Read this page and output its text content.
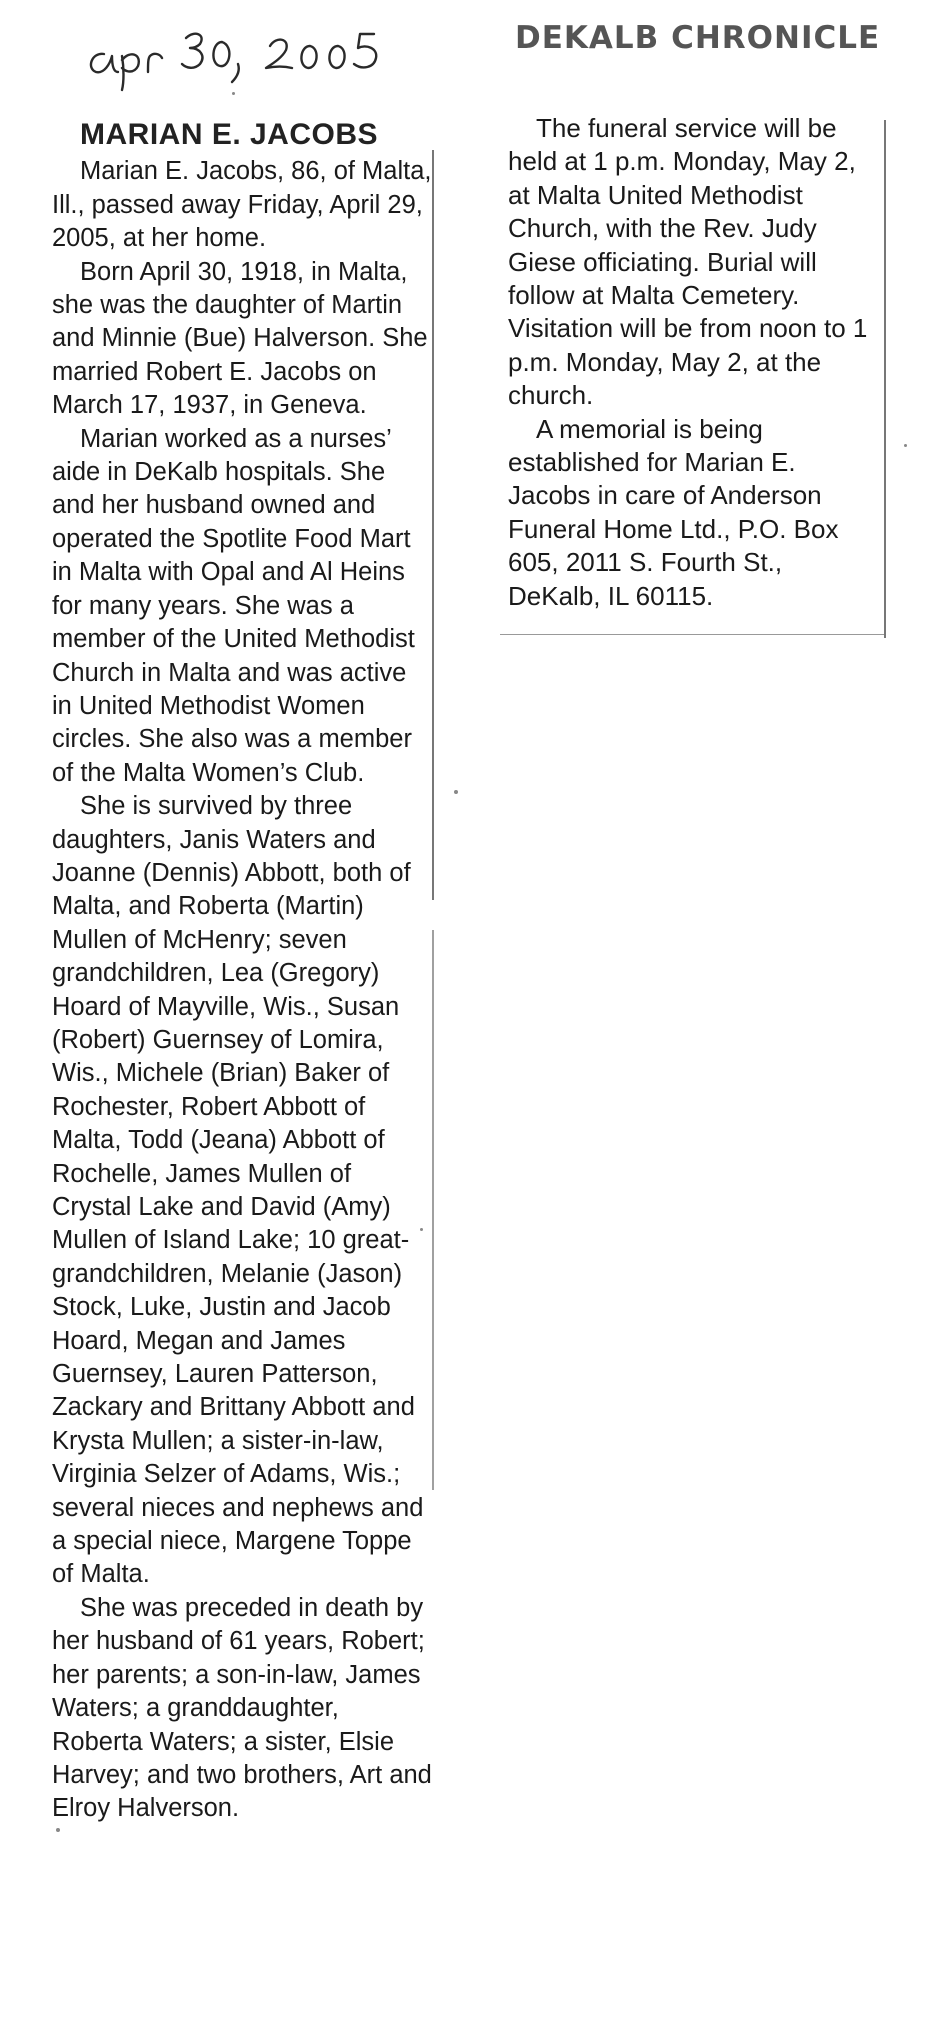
DEKALB CHRONICLE
MARIAN E. JACOBS

Marian E. Jacobs, 86, of Malta, Ill., passed away Friday, April 29, 2005, at her home.

Born April 30, 1918, in Malta, she was the daughter of Martin and Minnie (Bue) Halverson. She married Robert E. Jacobs on March 17, 1937, in Geneva.

Marian worked as a nurses’ aide in DeKalb hospitals. She and her husband owned and operated the Spotlite Food Mart in Malta with Opal and Al Heins for many years. She was a member of the United Methodist Church in Malta and was active in United Methodist Women circles. She also was a member of the Malta Women’s Club.

She is survived by three daughters, Janis Waters and Joanne (Dennis) Abbott, both of Malta, and Roberta (Martin) Mullen of McHenry; seven grandchildren, Lea (Gregory) Hoard of Mayville, Wis., Susan (Robert) Guernsey of Lomira, Wis., Michele (Brian) Baker of Rochester, Robert Abbott of Malta, Todd (Jeana) Abbott of Rochelle, James Mullen of Crystal Lake and David (Amy) Mullen of Island Lake; 10 great-grandchildren, Melanie (Jason) Stock, Luke, Justin and Jacob Hoard, Megan and James Guernsey, Lauren Patterson, Zackary and Brittany Abbott and Krysta Mullen; a sister-in-law, Virginia Selzer of Adams, Wis.; several nieces and nephews and a special niece, Margene Toppe of Malta.

She was preceded in death by her husband of 61 years, Robert; her parents; a son-in-law, James Waters; a granddaughter, Roberta Waters; a sister, Elsie Harvey; and two brothers, Art and Elroy Halverson.

The funeral service will be held at 1 p.m. Monday, May 2, at Malta United Methodist Church, with the Rev. Judy Giese officiating. Burial will follow at Malta Cemetery. Visitation will be from noon to 1 p.m. Monday, May 2, at the church.

A memorial is being established for Marian E. Jacobs in care of Anderson Funeral Home Ltd., P.O. Box 605, 2011 S. Fourth St., DeKalb, IL 60115.
